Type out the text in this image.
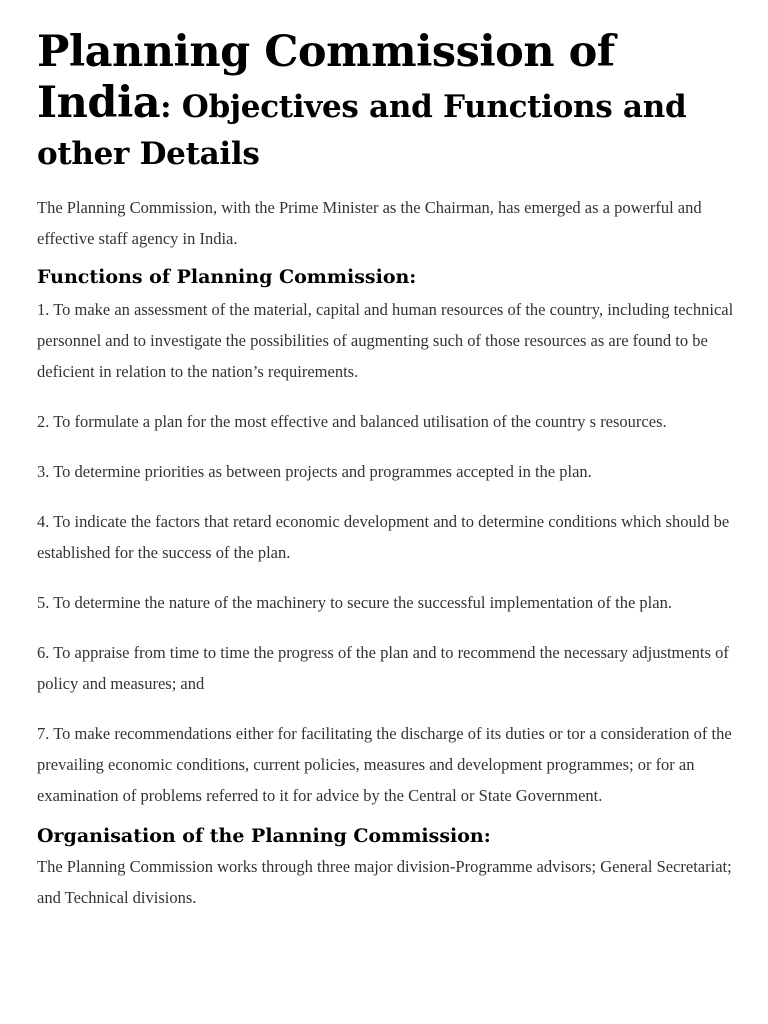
Planning Commission of
India: Objectives and Functions and
other Details

The Planning Commission, with the Prime Minister as the Chairman, has emerged as a powerful and effective staff agency in India.

Functions of Planning Commission:
1. To make an assessment of the material, capital and human resources of the country, including technical personnel and to investigate the possibilities of augmenting such of those resources as are found to be deficient in relation to the nation’s requirements.
2. To formulate a plan for the most effective and balanced utilisation of the country s resources.
3. To determine priorities as between projects and programmes accepted in the plan.
4. To indicate the factors that retard economic development and to determine conditions which should be established for the success of the plan.
5. To determine the nature of the machinery to secure the successful implementation of the plan.
6. To appraise from time to time the progress of the plan and to recommend the necessary adjustments of policy and measures; and
7. To make recommendations either for facilitating the discharge of its duties or tor a consideration of the prevailing economic conditions, current policies, measures and development programmes; or for an examination of problems referred to it for advice by the Central or State Government.
Organisation of the Planning Commission:

The Planning Commission works through three major division-Programme advisors; General Secretariat; and Technical divisions.
